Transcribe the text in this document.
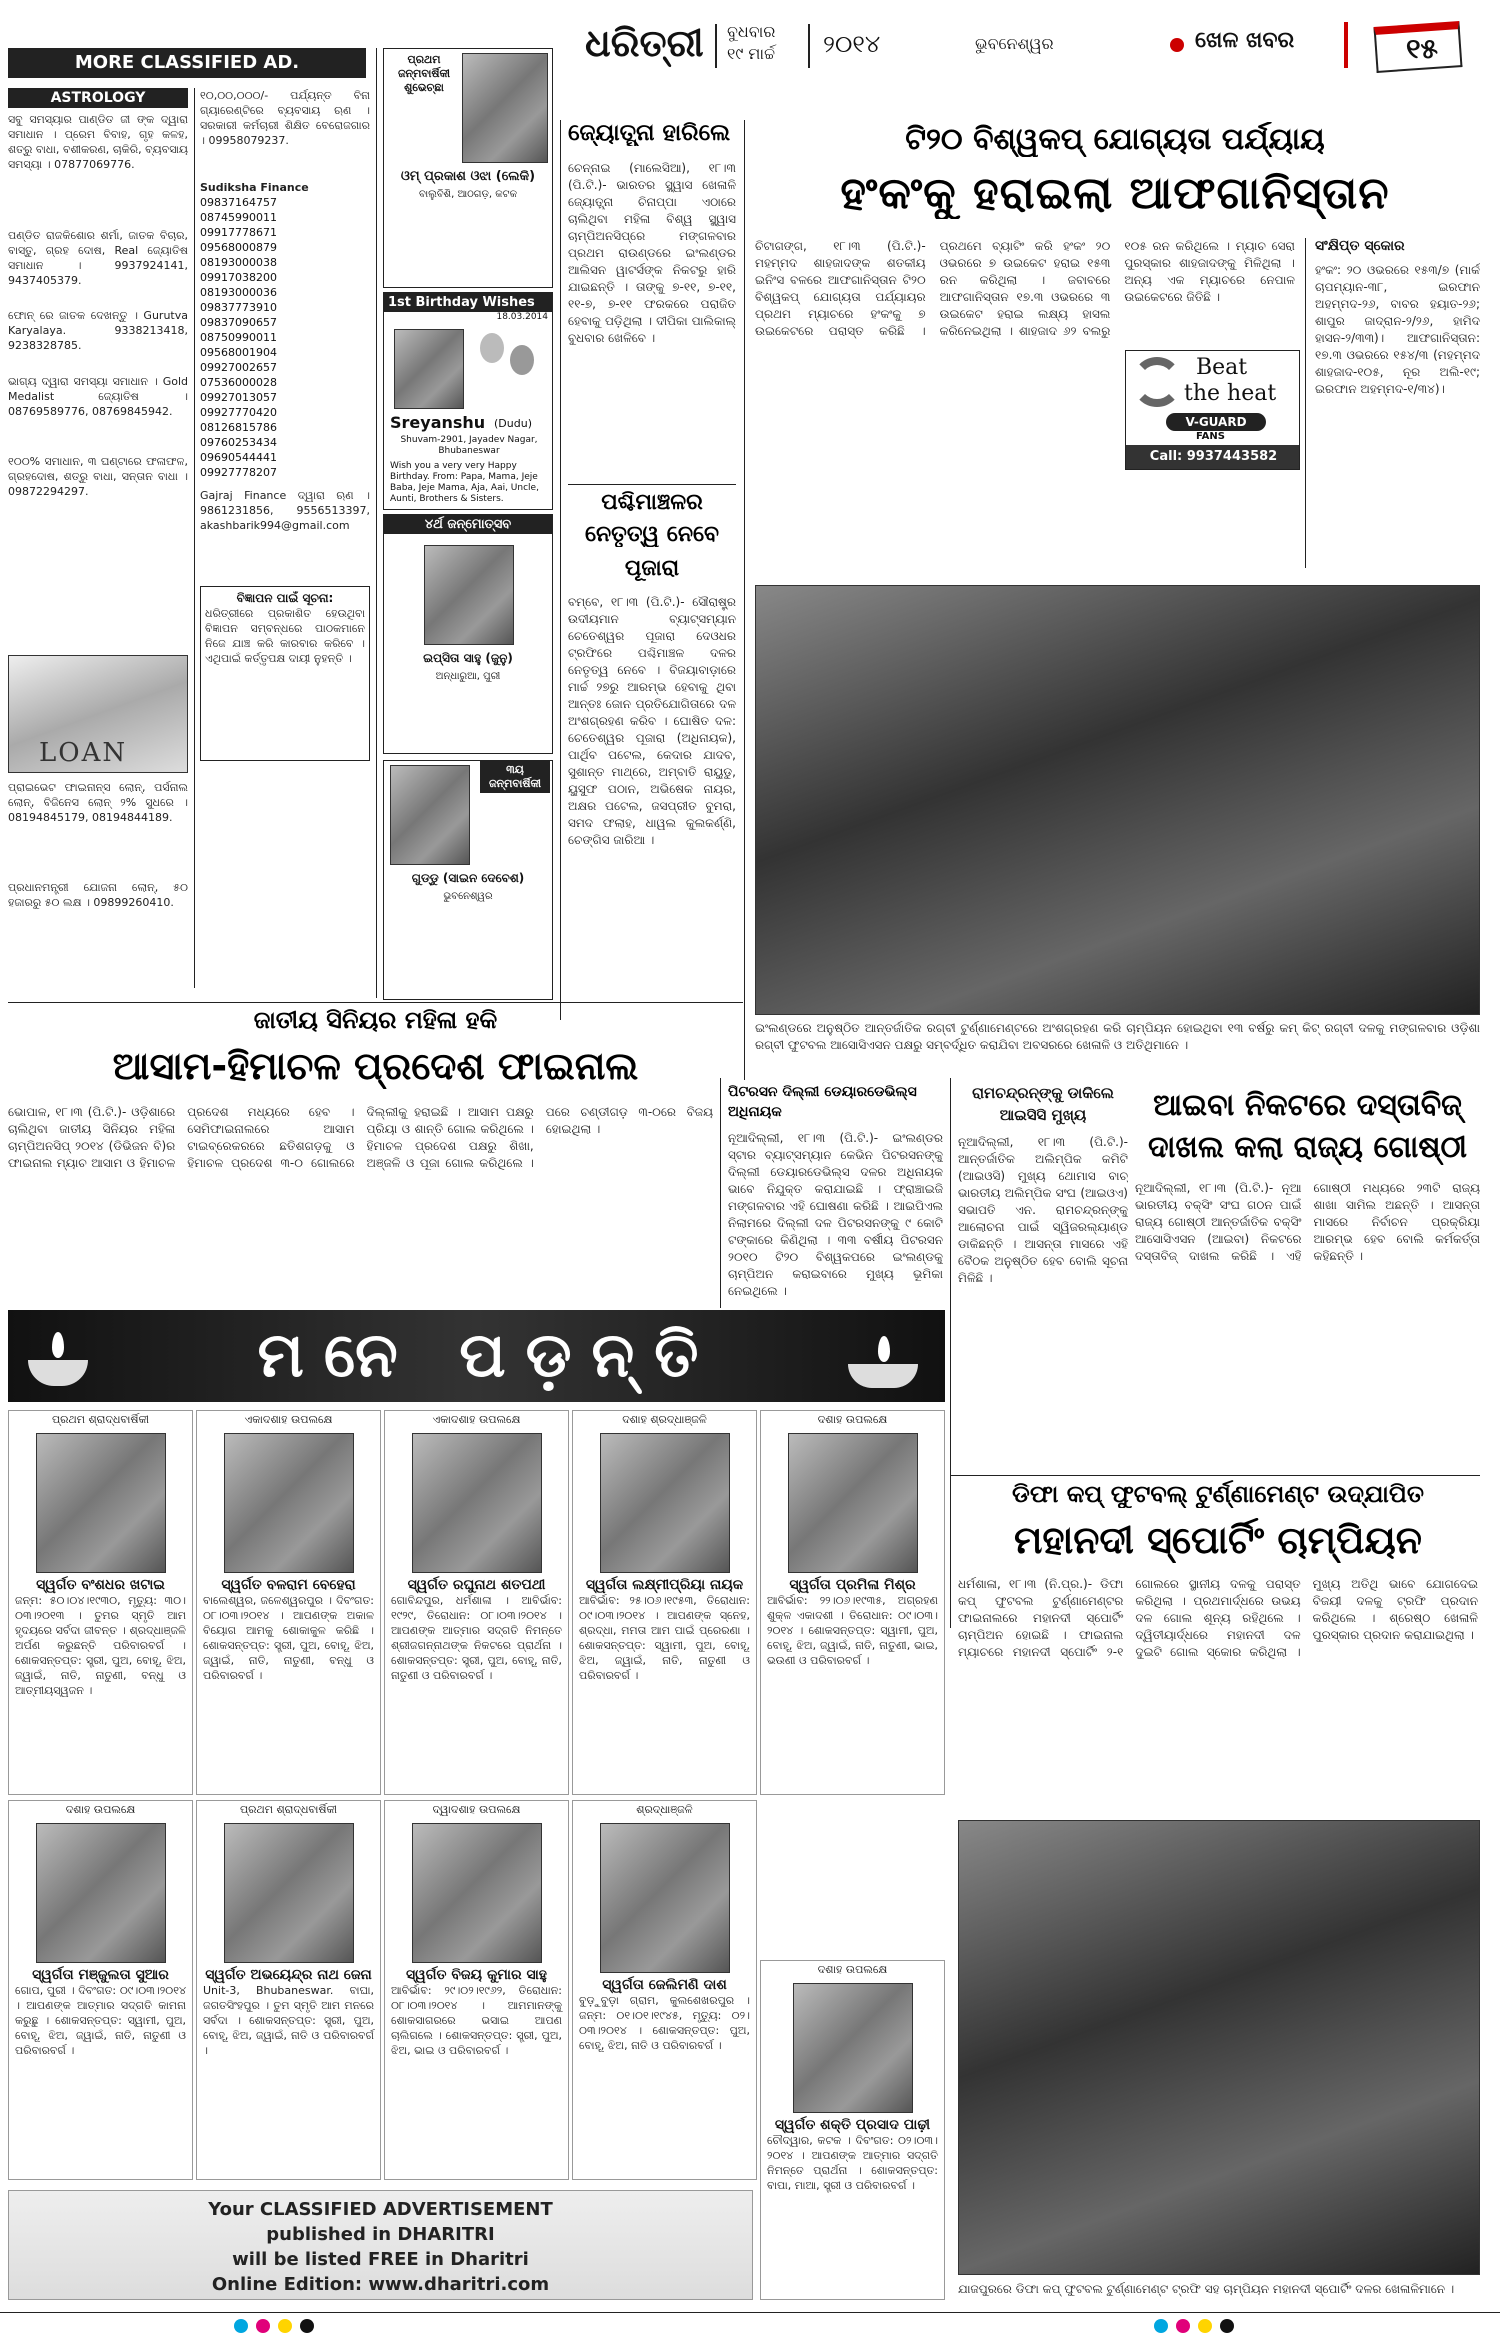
ଧରିତ୍ରୀ ବୁଧବାର
୧୯ ମାର୍ଚ୍ଚ ୨୦୧୪	ଭୁବନେଶ୍ୱର	ଖେଳ ଖବର	୧୫
MORE CLASSIFIED AD.
ASTROLOGY
ସବୁ ସମସ୍ୟାର ପାଣ୍ଡିତ ଜୀ ଙ୍କ ଦ୍ୱାରା ସମାଧାନ । ପ୍ରେମ ବିବାହ, ଗୃହ କଳହ, ଶତ୍ରୁ ବାଧା, ବଶୀକରଣ, ଚାକିରି, ବ୍ୟବସାୟ ସମସ୍ୟା । 07877069776.
ପଣ୍ଡିତ ରାଜକିଶୋର ଶର୍ମା, ଜାତକ ବିଚାର, ବାସ୍ତୁ, ଗ୍ରହ ଦୋଷ, Real ଜ୍ୟୋତିଷ ସମାଧାନ । 9937924141, 9437405379.
ଫୋନ୍ ରେ ଜାତକ ଦେଖନ୍ତୁ । Gurutva Karyalaya. 9338213418, 9238328785.
ଭାଗ୍ୟ ଦ୍ୱାରା ସମସ୍ୟା ସମାଧାନ । Gold Medalist ଜ୍ୟୋତିଷ । 08769589776, 08769845942.
୧୦୦% ସମାଧାନ, ୩ ଘଣ୍ଟାରେ ଫଳାଫଳ, ଗ୍ରହଦୋଷ, ଶତ୍ରୁ ବାଧା, ସନ୍ତାନ ବାଧା । 09872294297.
LOAN
ପ୍ରାଇଭେଟ ଫାଇନାନ୍ସ ଲୋନ୍, ପର୍ସନାଲ ଲୋନ୍, ବିଜିନେସ ଲୋନ୍ ୨% ସୁଧରେ । 08194845179, 08194844189.
ପ୍ରଧାନମନ୍ତ୍ରୀ ଯୋଜନା ଲୋନ୍, ୫୦ ହଜାରରୁ ୫୦ ଲକ୍ଷ । 09899260410.
୧୦,୦୦,୦୦୦/- ପର୍ଯ୍ୟନ୍ତ ବିନା ଗ୍ୟାରେଣ୍ଟିରେ ବ୍ୟବସାୟ ଋଣ । ସରକାରୀ କର୍ମଚାରୀ ଶିକ୍ଷିତ ବେରୋଜଗାର । 09958079237.
Sudiksha Finance
09837164757
08745990011
09917778671
09568000879
08193000038
09917038200
08193000036
09837773910
09837090657
08750990011
09568001904
09927002657
07536000028
09927013057
09927770420
08126815786
09760253434
09690544441
09927778207
Gajraj Finance ଦ୍ୱାରା ଋଣ । 9861231856, 9556513397, akashbarik994@gmail.com
ବିଜ୍ଞାପନ ପାଇଁ ସୂଚନା:
ଧରିତ୍ରୀରେ ପ୍ରକାଶିତ ହେଉଥିବା ବିଜ୍ଞାପନ ସମ୍ବନ୍ଧରେ ପାଠକମାନେ ନିଜେ ଯାଞ୍ଚ କରି କାରବାର କରିବେ । ଏଥିପାଇଁ କର୍ତ୍ତୃପକ୍ଷ ଦାୟୀ ନୁହନ୍ତି ।
ପ୍ରଥମ ଜନ୍ମବାର୍ଷିକୀ ଶୁଭେଚ୍ଛା
ଓମ୍ ପ୍ରକାଶ ଓଝା (ଲେକି)
ବାଲୁବିଶି, ଆଠଗଡ଼, କଟକ
1st Birthday Wishes
18.03.2014
Sreyanshu (Dudu)
Shuvam-2901, Jayadev Nagar, Bhubaneswar
Wish you a very very Happy Birthday. From: Papa, Mama, Jeje Baba, Jeje Mama, Aja, Aai, Uncle, Aunti, Brothers & Sisters.
୪ର୍ଥ ଜନ୍ମୋତ୍ସବ
ଇପ୍‌ସିତା ସାହୁ (ଜୁନୁ)
ଅନ୍ଧାରୁଆ, ପୁରୀ
୩ୟ ଜନ୍ମବାର୍ଷିକୀ
ଗୁଡ୍‌ଡୁ (ସାଇନ ଦେବେଶ)
ଭୁବନେଶ୍ୱର
ଜ୍ୟୋତ୍ସ୍ନା ହାରିଲେ
ଚେନ୍ନାଇ (ମାଲେସିଆ), ୧୮।୩ (ପି.ଟି.)- ଭାରତର ସ୍କ୍ୱାସ ଖେଳାଳି ଜ୍ୟୋତ୍ସ୍ନା ଚିନାପ୍ପା ଏଠାରେ ଚାଲିଥିବା ମହିଳା ବିଶ୍ୱ ସ୍କ୍ୱାସ ଚାମ୍ପିଅନସିପ୍‌ରେ ମଙ୍ଗଳବାର ପ୍ରଥମ ରାଉଣ୍ଡରେ ଇଂଲଣ୍ଡର ଆଲିସନ ୱାଟର୍ସଙ୍କ ନିକଟରୁ ହାରି ଯାଇଛନ୍ତି । ତାଙ୍କୁ ୭-୧୧, ୭-୧୧, ୧୧-୭, ୭-୧୧ ଫରକରେ ପରାଜିତ ହେବାକୁ ପଡ଼ିଥିଲା । ଦୀପିକା ପାଲିକାଲ୍ ବୁଧବାର ଖେଳିବେ ।
ପଶ୍ଚିମାଞ୍ଚଳର
ନେତୃତ୍ୱ ନେବେ
ପୂଜାରା
ବମ୍ବେ, ୧୮।୩ (ପି.ଟି.)- ସୌରାଷ୍ଟ୍ର ଉଦୀୟମାନ ବ୍ୟାଟ୍ସମ୍ୟାନ ଚେତେଶ୍ୱର ପୂଜାରା ଦେଓଧର ଟ୍ରଫିରେ ପଶ୍ଚିମାଞ୍ଚଳ ଦଳର ନେତୃତ୍ୱ ନେବେ । ବିଜୟାବାଡ଼ାରେ ମାର୍ଚ୍ଚ ୨୭ରୁ ଆରମ୍ଭ ହେବାକୁ ଥିବା ଆନ୍ତଃ ଜୋନ ପ୍ରତିଯୋଗିତାରେ ଦଳ ଅଂଶଗ୍ରହଣ କରିବ । ଘୋଷିତ ଦଳ: ଚେତେଶ୍ୱର ପୂଜାରା (ଅଧିନାୟକ), ପାର୍ଥିବ ପଟେଲ, କେଦାର ଯାଦବ, ସୁଶାନ୍ତ ମାଥ୍ରେ, ଅମ୍ବାତି ରାୟୁଡୁ, ୟୁସୁଫ ପଠାନ, ଅଭିଷେକ ନାୟର, ଅକ୍ଷର ପଟେଲ, ଜସପ୍ରୀତ ବୁମରା, ସମଦ ଫଲାହ, ଧାୱଲ କୁଲକର୍ଣ୍ଣି, ଚେଙ୍ଗିସ ଜାରିଆ ।
ଟି୨୦ ବିଶ୍ୱକପ୍ ଯୋଗ୍ୟତା ପର୍ଯ୍ୟାୟ
ହଂକଂକୁ ହରାଇଲା ଆଫଗାନିସ୍ତାନ
ଚିଟାଗଙ୍ଗ, ୧୮।୩ (ପି.ଟି.)- ମହମ୍ମଦ ଶାହଜାଦଙ୍କ ଶତକୀୟ ଇନିଂସ ବଳରେ ଆଫଗାନିସ୍ତାନ ଟି୨୦ ବିଶ୍ୱକପ୍ ଯୋଗ୍ୟତା ପର୍ଯ୍ୟାୟର ପ୍ରଥମ ମ୍ୟାଚରେ ହଂକଂକୁ ୭ ଉଇକେଟରେ ପରାସ୍ତ କରିଛି । ପ୍ରଥମେ ବ୍ୟାଟିଂ କରି ହଂକଂ ୨୦ ଓଭରରେ ୭ ଉଇକେଟ ହରାଇ ୧୫୩ ରନ କରିଥିଲା । ଜବାବରେ ଆଫଗାନିସ୍ତାନ ୧୭.୩ ଓଭରରେ ୩ ଉଇକେଟ ହରାଇ ଲକ୍ଷ୍ୟ ହାସଲ କରିନେଇଥିଲା । ଶାହଜାଦ ୬୨ ବଲରୁ ୧୦୫ ରନ କରିଥିଲେ । ମ୍ୟାଚ ସେରା ପୁରସ୍କାର ଶାହଜାଦଙ୍କୁ ମିଳିଥିଲା । ଅନ୍ୟ ଏକ ମ୍ୟାଚରେ ନେପାଳ ଉଇକେଟରେ ଜିତିଛି ।
ସଂକ୍ଷିପ୍ତ ସ୍କୋର
ହଂକଂ: ୨୦ ଓଭରରେ ୧୫୩/୭ (ମାର୍କ ଚାପମ୍ୟାନ-୩୮, ଇରଫାନ ଅହମ୍ମଦ-୨୬, ବାବର ହୟାତ-୨୬; ଶାପୁର ଜାଦ୍ରାନ-୨/୨୬, ହାମିଦ ହାସନ-୨/୩୩)। ଆଫଗାନିସ୍ତାନ: ୧୭.୩ ଓଭରରେ ୧୫୪/୩ (ମହମ୍ମଦ ଶାହଜାଦ-୧୦୫, ନୂର ଅଲି-୧୯; ଇରଫାନ ଅହମ୍ମଦ-୧/୩୪)।
Beat
the heat
V-GUARD
FANS
Call: 9937443582
ଇଂଲଣ୍ଡରେ ଅନୁଷ୍ଠିତ ଆନ୍ତର୍ଜାତିକ ରଗ୍‌ବୀ ଟୁର୍ଣ୍ଣାମେଣ୍ଟରେ ଅଂଶଗ୍ରହଣ କରି ଚାମ୍ପିୟନ ହୋଇଥିବା ୧୩ ବର୍ଷରୁ କମ୍ କିଟ୍ ରଗ୍‌ବୀ ଦଳକୁ ମଙ୍ଗଳବାର ଓଡ଼ିଶା ରଗ୍‌ବୀ ଫୁଟବଲ ଆସୋସିଏସନ ପକ୍ଷରୁ ସମ୍ବର୍ଦ୍ଧିତ କରାଯିବା ଅବସରରେ ଖେଳାଳି ଓ ଅତିଥିମାନେ ।
ଜାତୀୟ ସିନିୟର ମହିଳା ହକି
ଆସାମ-ହିମାଚଳ ପ୍ରଦେଶ ଫାଇନାଲ
ଭୋପାଳ, ୧୮।୩ (ପି.ଟି.)- ଓଡ଼ିଶାରେ ଚାଲିଥିବା ଜାତୀୟ ସିନିୟର ମହିଳା ଚାମ୍ପିଅନସିପ୍ ୨୦୧୪ (ଡିଭିଜନ ବି)ର ଫାଇନାଲ ମ୍ୟାଚ ଆସାମ ଓ ହିମାଚଳ ପ୍ରଦେଶ ମଧ୍ୟରେ ହେବ । ସେମିଫାଇନାଲରେ ଆସାମ ଟାଇବ୍ରେକରରେ ଛତିଶଗଡ଼କୁ ଓ ହିମାଚଳ ପ୍ରଦେଶ ୩-୦ ଗୋଲରେ ଦିଲ୍ଲୀକୁ ହରାଇଛି । ଆସାମ ପକ୍ଷରୁ ପ୍ରିୟା ଓ ଶାନ୍ତି ଗୋଲ କରିଥିଲେ । ହିମାଚଳ ପ୍ରଦେଶ ପକ୍ଷରୁ ଶିଖା, ଅଞ୍ଜଳି ଓ ପୂଜା ଗୋଲ କରିଥିଲେ । ପରେ ଚଣ୍ଡୀଗଡ଼ ୩-୦ରେ ବିଜୟ ହୋଇଥିଲା ।
ପିଟରସନ ଦିଲ୍ଲୀ ଡେୟାରଡେଭିଲ୍ସ ଅଧିନାୟକ
ନୂଆଦିଲ୍ଲୀ, ୧୮।୩ (ପି.ଟି.)- ଇଂଲଣ୍ଡର ସ୍ଟାର ବ୍ୟାଟ୍ସମ୍ୟାନ କେଭିନ ପିଟରସନଙ୍କୁ ଦିଲ୍ଲୀ ଡେୟାରଡେଭିଲ୍ସ ଦଳର ଅଧିନାୟକ ଭାବେ ନିଯୁକ୍ତ କରାଯାଇଛି । ଫ୍ରାଞ୍ଚାଇଜି ମଙ୍ଗଳବାର ଏହି ଘୋଷଣା କରିଛି । ଆଇପିଏଲ ନିଲାମରେ ଦିଲ୍ଲୀ ଦଳ ପିଟରସନଙ୍କୁ ୯ କୋଟି ଟଙ୍କାରେ କିଣିଥିଲା । ୩୩ ବର୍ଷୀୟ ପିଟରସନ ୨୦୧୦ ଟି୨୦ ବିଶ୍ୱକପରେ ଇଂଲଣ୍ଡକୁ ଚାମ୍ପିଅନ କରାଇବାରେ ମୁଖ୍ୟ ଭୂମିକା ନେଇଥିଲେ ।
ରାମଚନ୍ଦ୍ରନ୍‌ଙ୍କୁ ଡାକିଲେ
ଆଇସିସି ମୁଖ୍ୟ
ନୂଆଦିଲ୍ଲୀ, ୧୮।୩ (ପି.ଟି.)- ଆନ୍ତର୍ଜାତିକ ଅଲିମ୍ପିକ କମିଟି (ଆଇଓସି) ମୁଖ୍ୟ ଥୋମାସ ବାଚ୍ ଭାରତୀୟ ଅଲିମ୍ପିକ ସଂଘ (ଆଇଓଏ) ସଭାପତି ଏନ. ରାମଚନ୍ଦ୍ରନ୍‌ଙ୍କୁ ଆଲୋଚନା ପାଇଁ ସ୍ୱିଜରଲ୍ୟାଣ୍ଡ ଡାକିଛନ୍ତି । ଆସନ୍ତା ମାସରେ ଏହି ବୈଠକ ଅନୁଷ୍ଠିତ ହେବ ବୋଲି ସୂଚନା ମିଳିଛି ।
ଆଇବା ନିକଟରେ ଦସ୍ତାବିଜ୍
ଦାଖଲ କଲା ରାଜ୍ୟ ଗୋଷ୍ଠୀ
ନୂଆଦିଲ୍ଲୀ, ୧୮।୩ (ପି.ଟି.)- ନୂଆ ଭାରତୀୟ ବକ୍ସିଂ ସଂଘ ଗଠନ ପାଇଁ ରାଜ୍ୟ ଗୋଷ୍ଠୀ ଆନ୍ତର୍ଜାତିକ ବକ୍ସିଂ ଆସୋସିଏସନ (ଆଇବା) ନିକଟରେ ଦସ୍ତାବିଜ୍ ଦାଖଲ କରିଛି । ଏହି ଗୋଷ୍ଠୀ ମଧ୍ୟରେ ୨୩ଟି ରାଜ୍ୟ ଶାଖା ସାମିଲ ଅଛନ୍ତି । ଆସନ୍ତା ମାସରେ ନିର୍ବାଚନ ପ୍ରକ୍ରିୟା ଆରମ୍ଭ ହେବ ବୋଲି କର୍ମକର୍ତ୍ତା କହିଛନ୍ତି ।
ଡିଫା କପ୍ ଫୁଟବଲ୍ ଟୁର୍ଣ୍ଣାମେଣ୍ଟ ଉଦ୍‌ଯାପିତ
ମହାନଦୀ ସ୍ପୋର୍ଟିଂ ଚାମ୍ପିୟନ
ଧର୍ମଶାଳା, ୧୮।୩ (ନି.ପ୍ର.)- ଡିଫା କପ୍ ଫୁଟବଲ ଟୁର୍ଣ୍ଣାମେଣ୍ଟର ଫାଇନାଲରେ ମହାନଦୀ ସ୍ପୋର୍ଟିଂ ଚାମ୍ପିଅନ ହୋଇଛି । ଫାଇନାଲ ମ୍ୟାଚରେ ମହାନଦୀ ସ୍ପୋର୍ଟିଂ ୨-୧ ଗୋଲରେ ସ୍ଥାନୀୟ ଦଳକୁ ପରାସ୍ତ କରିଥିଲା । ପ୍ରଥମାର୍ଦ୍ଧରେ ଉଭୟ ଦଳ ଗୋଲ ଶୂନ୍ୟ ରହିଥିଲେ । ଦ୍ୱିତୀୟାର୍ଦ୍ଧରେ ମହାନଦୀ ଦଳ ଦୁଇଟି ଗୋଲ ସ୍କୋର କରିଥିଲା । ମୁଖ୍ୟ ଅତିଥି ଭାବେ ଯୋଗଦେଇ ବିଜୟୀ ଦଳକୁ ଟ୍ରଫି ପ୍ରଦାନ କରିଥିଲେ । ଶ୍ରେଷ୍ଠ ଖେଳାଳି ପୁରସ୍କାର ପ୍ରଦାନ କରାଯାଇଥିଲା ।
ଯାଜପୁରରେ ଡିଫା କପ୍ ଫୁଟବଲ ଟୁର୍ଣ୍ଣାମେଣ୍ଟ ଟ୍ରଫି ସହ ଚାମ୍ପିୟନ ମହାନଦୀ ସ୍ପୋର୍ଟିଂ ଦଳର ଖେଳାଳିମାନେ ।
ମନେ ପଡ଼ନ୍ତି
ପ୍ରଥମ ଶ୍ରାଦ୍ଧବାର୍ଷିକୀ
ସ୍ୱର୍ଗତ ବଂଶଧର ଖଟାଇ
ଜନ୍ମ: ୫୦।୦୪।୧୯୩୦, ମୃତ୍ୟୁ: ୩୦।୦୩।୨୦୧୩ । ତୁମର ସ୍ମୃତି ଆମ ହୃଦୟରେ ସର୍ବଦା ଜୀବନ୍ତ । ଶ୍ରଦ୍ଧାଞ୍ଜଳି ଅର୍ପଣ କରୁଛନ୍ତି ପରିବାରବର୍ଗ । ଶୋକସନ୍ତପ୍ତ: ସ୍ତ୍ରୀ, ପୁଅ, ବୋହୂ, ଝିଅ, ଜ୍ୱାଇଁ, ନାତି, ନାତୁଣୀ, ବନ୍ଧୁ ଓ ଆତ୍ମୀୟସ୍ୱଜନ ।
ଏକାଦଶାହ ଉପଲକ୍ଷେ
ସ୍ୱର୍ଗତ ବଳରାମ ବେହେରା
ବାଲେଶ୍ୱର, ଜଳେଶ୍ୱରପୁର । ଦିବଂଗତ: ୦୮।୦୩।୨୦୧୪ । ଆପଣଙ୍କ ଅକାଳ ବିୟୋଗ ଆମକୁ ଶୋକାକୁଳ କରିଛି । ଶୋକସନ୍ତପ୍ତ: ସ୍ତ୍ରୀ, ପୁଅ, ବୋହୂ, ଝିଅ, ଜ୍ୱାଇଁ, ନାତି, ନାତୁଣୀ, ବନ୍ଧୁ ଓ ପରିବାରବର୍ଗ ।
ଏକାଦଶାହ ଉପଲକ୍ଷେ
ସ୍ୱର୍ଗତ ରଘୁନାଥ ଶତପଥୀ
ଗୋବିନ୍ଦପୁର, ଧର୍ମଶାଳା । ଆବିର୍ଭାବ: ୧୯୨୯, ତିରୋଧାନ: ୦୮।୦୩।୨୦୧୪ । ଆପଣଙ୍କ ଆତ୍ମାର ସଦ୍‌ଗତି ନିମନ୍ତେ ଶ୍ରୀଜଗନ୍ନାଥଙ୍କ ନିକଟରେ ପ୍ରାର୍ଥନା । ଶୋକସନ୍ତପ୍ତ: ସ୍ତ୍ରୀ, ପୁଅ, ବୋହୂ, ନାତି, ନାତୁଣୀ ଓ ପରିବାରବର୍ଗ ।
ଦଶାହ ଶ୍ରଦ୍ଧାଞ୍ଜଳି
ସ୍ୱର୍ଗତା ଲକ୍ଷ୍ମୀପ୍ରିୟା ନାୟକ
ଆବିର୍ଭାବ: ୨୫।୦୬।୧୯୫୩, ତିରୋଧାନ: ୦୯।୦୩।୨୦୧୪ । ଆପଣଙ୍କ ସ୍ନେହ, ଶ୍ରଦ୍ଧା, ମମତା ଆମ ପାଇଁ ପ୍ରେରଣା । ଶୋକସନ୍ତପ୍ତ: ସ୍ୱାମୀ, ପୁଅ, ବୋହୂ, ଝିଅ, ଜ୍ୱାଇଁ, ନାତି, ନାତୁଣୀ ଓ ପରିବାରବର୍ଗ ।
ଦଶାହ ଉପଲକ୍ଷେ
ସ୍ୱର୍ଗତା ପ୍ରମିଳା ମିଶ୍ର
ଆବିର୍ଭାବ: ୨୨।୦୬।୧୯୩୫, ଅଗ୍ରହଣ ଶୁକ୍ଳ ଏକାଦଶୀ । ତିରୋଧାନ: ୦୯।୦୩।୨୦୧୪ । ଶୋକସନ୍ତପ୍ତ: ସ୍ୱାମୀ, ପୁଅ, ବୋହୂ, ଝିଅ, ଜ୍ୱାଇଁ, ନାତି, ନାତୁଣୀ, ଭାଇ, ଭଉଣୀ ଓ ପରିବାରବର୍ଗ ।
ଦଶାହ ଉପଲକ୍ଷେ
ସ୍ୱର୍ଗତା ମଞ୍ଜୁଲତା ସୁଆର
ଗୋପ, ପୁରୀ । ଦିବଂଗତ: ୦୯।୦୩।୨୦୧୪ । ଆପଣଙ୍କ ଆତ୍ମାର ସଦ୍‌ଗତି କାମନା କରୁଛୁ । ଶୋକସନ୍ତପ୍ତ: ସ୍ୱାମୀ, ପୁଅ, ବୋହୂ, ଝିଅ, ଜ୍ୱାଇଁ, ନାତି, ନାତୁଣୀ ଓ ପରିବାରବର୍ଗ ।
ପ୍ରଥମ ଶ୍ରାଦ୍ଧବାର୍ଷିକୀ
ସ୍ୱର୍ଗତ ଅଭୟେନ୍ଦ୍ର ନାଥ ଜେନା
Unit-3, Bhubaneswar. ବାଘା, ଜଗତସିଂହପୁର । ତୁମ ସ୍ମୃତି ଆମ ମନରେ ସର୍ବଦା । ଶୋକସନ୍ତପ୍ତ: ସ୍ତ୍ରୀ, ପୁଅ, ବୋହୂ, ଝିଅ, ଜ୍ୱାଇଁ, ନାତି ଓ ପରିବାରବର୍ଗ ।
ଦ୍ୱାଦଶାହ ଉପଲକ୍ଷେ
ସ୍ୱର୍ଗତ ବିଜୟ କୁମାର ସାହୁ
ଆବିର୍ଭାବ: ୨୯।୦୨।୧୯୬୨, ତିରୋଧାନ: ୦୮।୦୩।୨୦୧୪ । ଆମମାନଙ୍କୁ ଶୋକସାଗରରେ ଭସାଇ ଆପଣ ଚାଲିଗଲେ । ଶୋକସନ୍ତପ୍ତ: ସ୍ତ୍ରୀ, ପୁଅ, ଝିଅ, ଭାଇ ଓ ପରିବାରବର୍ଗ ।
ଶ୍ରଦ୍ଧାଞ୍ଜଳି
ସ୍ୱର୍ଗତା ଜେଲିମଣି ଦାଶ
ବୁଡ଼ୁବୁଡ଼ା ଗ୍ରାମ, କୁଲଶେଖରପୁର । ଜନ୍ମ: ୦୧।୦୧।୧୯୪୫, ମୃତ୍ୟୁ: ୦୨।୦୩।୨୦୧୪ । ଶୋକସନ୍ତପ୍ତ: ପୁଅ, ବୋହୂ, ଝିଅ, ନାତି ଓ ପରିବାରବର୍ଗ ।
ଦଶାହ ଉପଲକ୍ଷେ
ସ୍ୱର୍ଗତ ଶକ୍ତି ପ୍ରସାଦ ପାଢ଼ୀ
ଚୌଦ୍ୱାର, କଟକ । ଦିବଂଗତ: ୦୨।୦୩।୨୦୧୪ । ଆପଣଙ୍କ ଆତ୍ମାର ସଦ୍‌ଗତି ନିମନ୍ତେ ପ୍ରାର୍ଥନା । ଶୋକସନ୍ତପ୍ତ: ବାପା, ମାଆ, ସ୍ତ୍ରୀ ଓ ପରିବାରବର୍ଗ ।
Your CLASSIFIED ADVERTISEMENT
published in DHARITRI
will be listed FREE in Dharitri
Online Edition: www.dharitri.com
